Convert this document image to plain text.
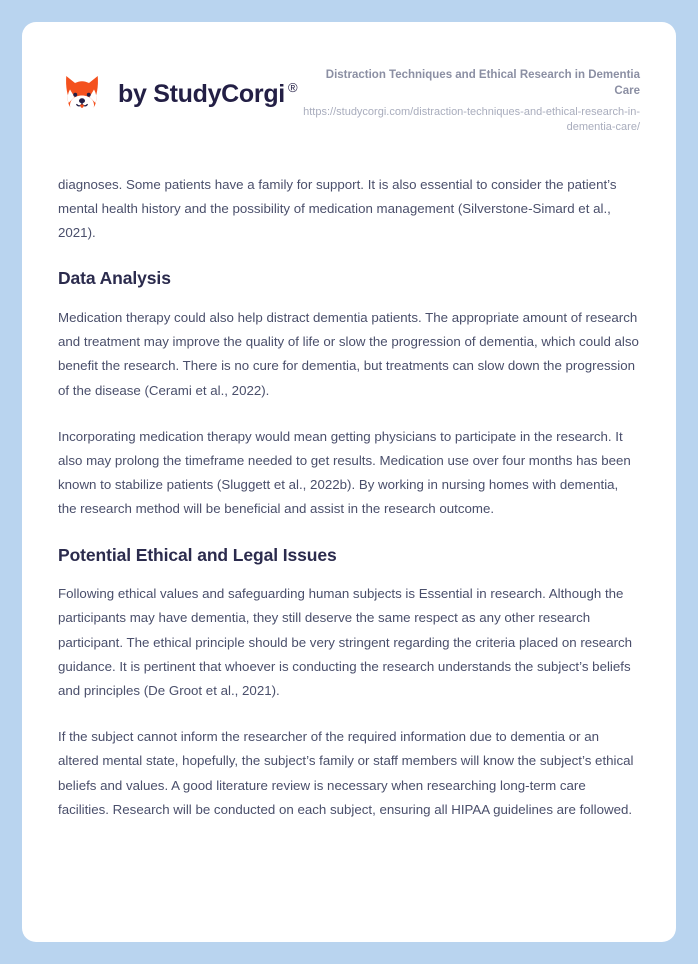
by StudyCorgi ®

Distraction Techniques and Ethical Research in Dementia Care

https://studycorgi.com/distraction-techniques-and-ethical-research-in-dementia-care/

diagnoses. Some patients have a family for support. It is also essential to consider the patient’s mental health history and the possibility of medication management (Silverstone-Simard et al., 2021).

Data Analysis

Medication therapy could also help distract dementia patients. The appropriate amount of research and treatment may improve the quality of life or slow the progression of dementia, which could also benefit the research. There is no cure for dementia, but treatments can slow down the progression of the disease (Cerami et al., 2022).

Incorporating medication therapy would mean getting physicians to participate in the research. It also may prolong the timeframe needed to get results. Medication use over four months has been known to stabilize patients (Sluggett et al., 2022b). By working in nursing homes with dementia, the research method will be beneficial and assist in the research outcome.

Potential Ethical and Legal Issues

Following ethical values and safeguarding human subjects is Essential in research. Although the participants may have dementia, they still deserve the same respect as any other research participant. The ethical principle should be very stringent regarding the criteria placed on research guidance. It is pertinent that whoever is conducting the research understands the subject’s beliefs and principles (De Groot et al., 2021).

If the subject cannot inform the researcher of the required information due to dementia or an altered mental state, hopefully, the subject’s family or staff members will know the subject’s ethical beliefs and values. A good literature review is necessary when researching long-term care facilities. Research will be conducted on each subject, ensuring all HIPAA guidelines are followed.
